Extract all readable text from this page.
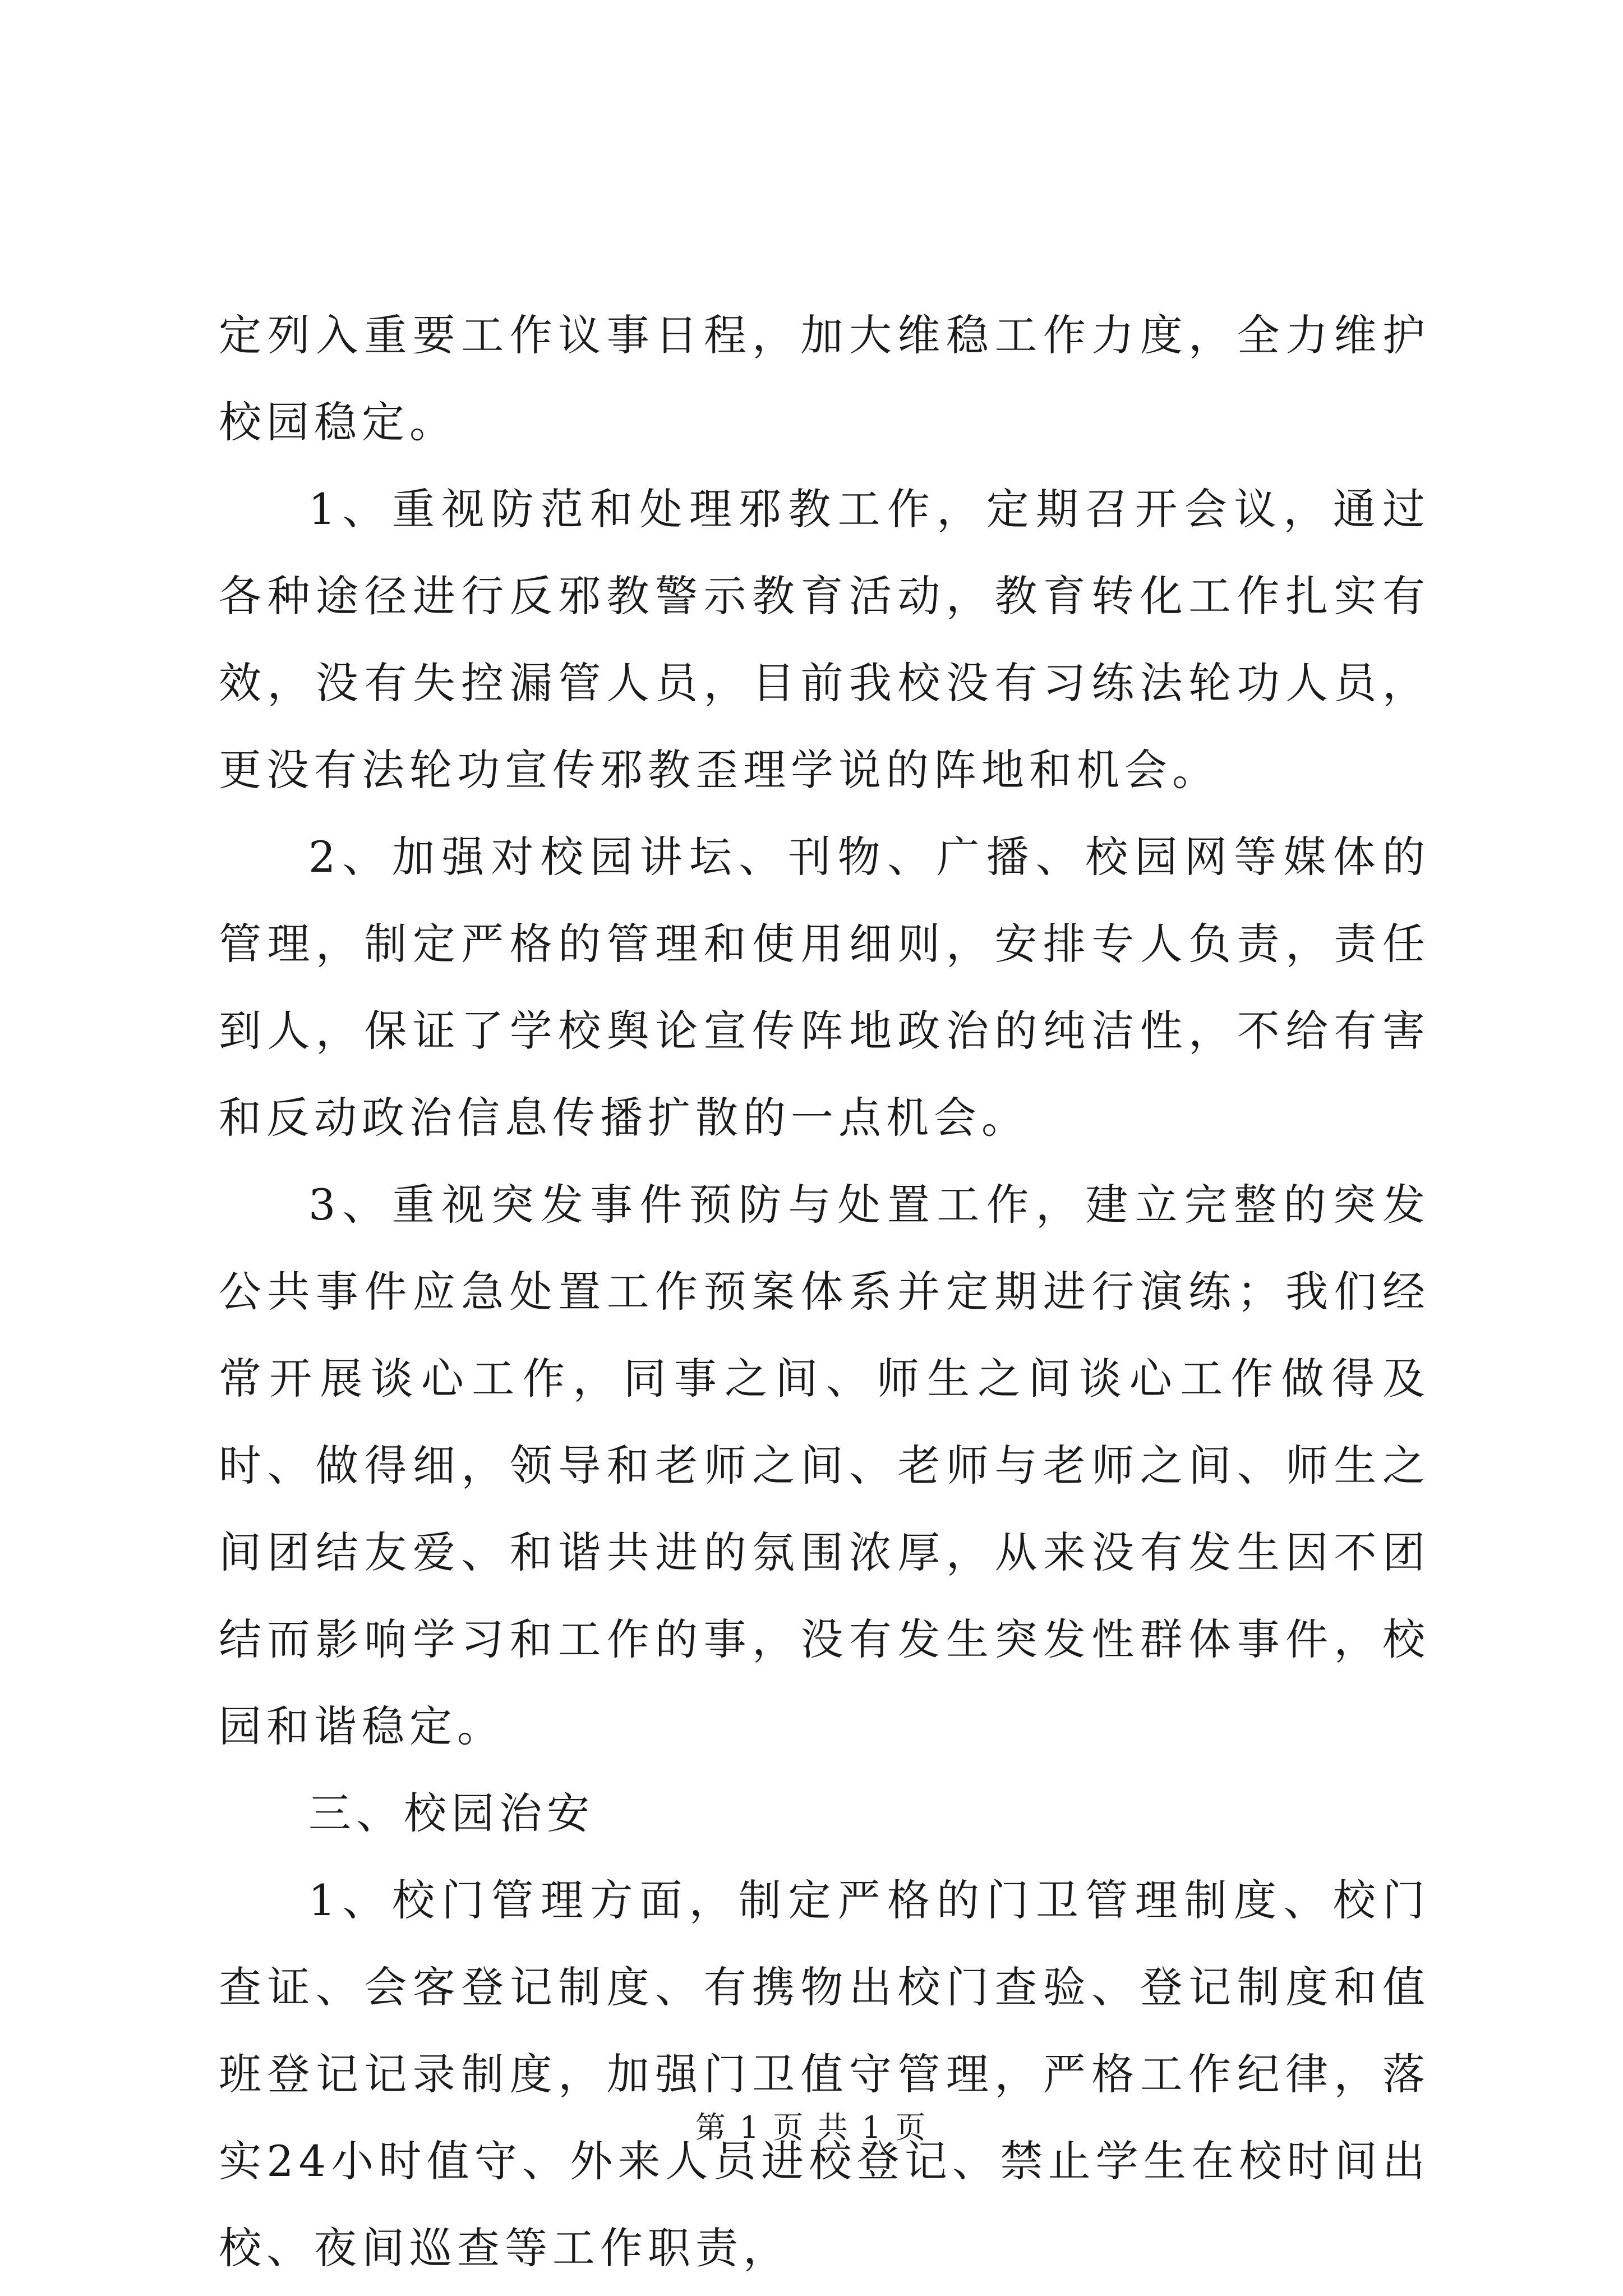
定列入重要工作议事日程，加大维稳工作力度，全力维护校园稳定。

1、重视防范和处理邪教工作，定期召开会议，通过各种途径进行反邪教警示教育活动，教育转化工作扎实有效，没有失控漏管人员，目前我校没有习练法轮功人员，更没有法轮功宣传邪教歪理学说的阵地和机会。

2、加强对校园讲坛、刊物、广播、校园网等媒体的管理，制定严格的管理和使用细则，安排专人负责，责任到人，保证了学校舆论宣传阵地政治的纯洁性，不给有害和反动政治信息传播扩散的一点机会。

3、重视突发事件预防与处置工作，建立完整的突发公共事件应急处置工作预案体系并定期进行演练；我们经常开展谈心工作，同事之间、师生之间谈心工作做得及时、做得细，领导和老师之间、老师与老师之间、师生之间团结友爱、和谐共进的氛围浓厚，从来没有发生因不团结而影响学习和工作的事，没有发生突发性群体事件，校园和谐稳定。

三、校园治安

1、校门管理方面，制定严格的门卫管理制度、校门查证、会客登记制度、有携物出校门查验、登记制度和值班登记记录制度，加强门卫值守管理，严格工作纪律，落实24小时值守、外来人员进校登记、禁止学生在校时间出校、夜间巡查等工作职责，

第 1 页 共 1 页
